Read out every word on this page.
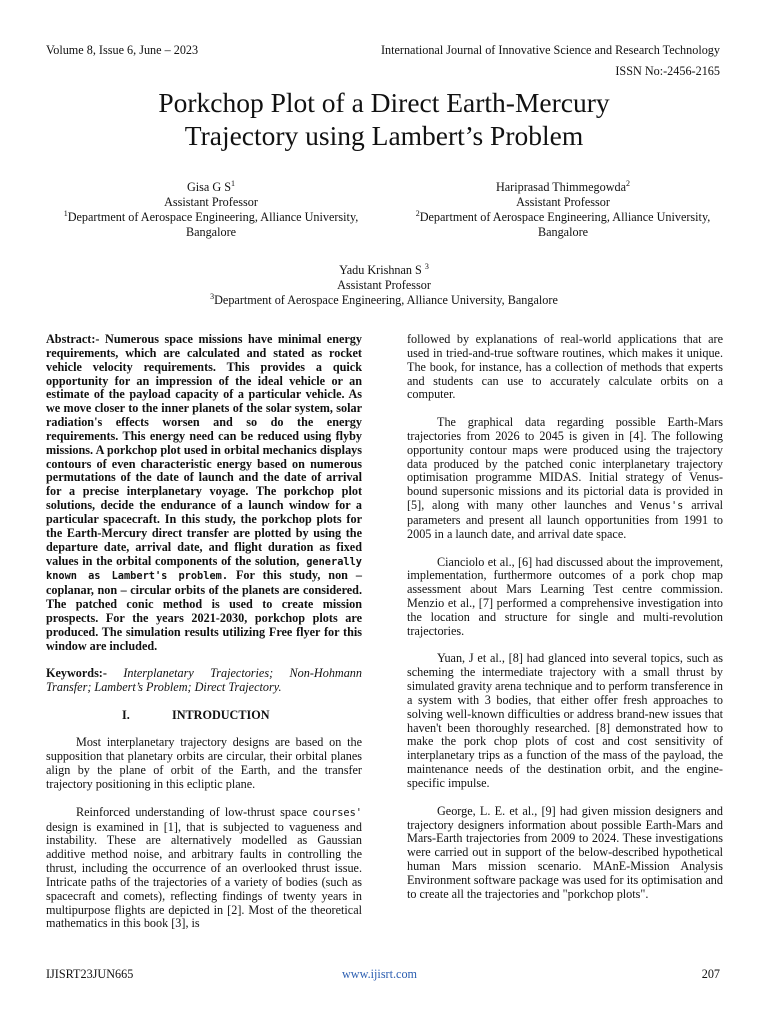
Volume 8, Issue 6, June – 2023	International Journal of Innovative Science and Research Technology
ISSN No:-2456-2165
Porkchop Plot of a Direct Earth-Mercury
Trajectory using Lambert’s Problem
Gisa G $S^1$
Assistant Professor
$^1$Department of Aerospace Engineering, Alliance University, Bangalore
Hariprasad Thimmegowda$^2$
Assistant Professor
$^2$Department of Aerospace Engineering, Alliance University, Bangalore
Yadu Krishnan S $^3$
Assistant Professor
$^3$Department of Aerospace Engineering, Alliance University, Bangalore

Abstract:- Numerous space missions have minimal energy requirements, which are calculated and stated as rocket vehicle velocity requirements. This provides a quick opportunity for an impression of the ideal vehicle or an estimate of the payload capacity of a particular vehicle. As we move closer to the inner planets of the solar system, solar radiation's effects worsen and so do the energy requirements. This energy need can be reduced using flyby missions. A porkchop plot used in orbital mechanics displays contours of even characteristic energy based on numerous permutations of the date of launch and the date of arrival for a precise interplanetary voyage. The porkchop plot solutions, decide the endurance of a launch window for a particular spacecraft. In this study, the porkchop plots for the Earth-Mercury direct transfer are plotted by using the departure date, arrival date, and flight duration as fixed values in the orbital components of the solution, generally known as Lambert's problem. For this study, non – coplanar, non – circular orbits of the planets are considered. The patched conic method is used to create mission prospects. For the years 2021-2030, porkchop plots are produced. The simulation results utilizing Free flyer for this window are included.

Keywords:- Interplanetary Trajectories; Non-Hohmann Transfer; Lambert’s Problem; Direct Trajectory.

I.	INTRODUCTION

Most interplanetary trajectory designs are based on the supposition that planetary orbits are circular, their orbital planes align by the plane of orbit of the Earth, and the transfer trajectory positioning in this ecliptic plane.

Reinforced understanding of low-thrust space courses' design is examined in [1], that is subjected to vagueness and instability. These are alternatively modelled as Gaussian additive method noise, and arbitrary faults in controlling the thrust, including the occurrence of an overlooked thrust issue. Intricate paths of the trajectories of a variety of bodies (such as spacecraft and comets), reflecting findings of twenty years in multipurpose flights are depicted in [2]. Most of the theoretical mathematics in this book [3], is

followed by explanations of real-world applications that are used in tried-and-true software routines, which makes it unique. The book, for instance, has a collection of methods that experts and students can use to accurately calculate orbits on a computer.

The graphical data regarding possible Earth-Mars trajectories from 2026 to 2045 is given in [4]. The following opportunity contour maps were produced using the trajectory data produced by the patched conic interplanetary trajectory optimisation programme MIDAS. Initial strategy of Venus-bound supersonic missions and its pictorial data is provided in [5], along with many other launches and Venus's arrival parameters and present all launch opportunities from 1991 to 2005 in a launch date, and arrival date space.

Cianciolo et al., [6] had discussed about the improvement, implementation, furthermore outcomes of a pork chop map assessment about Mars Learning Test centre commission. Menzio et al., [7] performed a comprehensive investigation into the location and structure for single and multi-revolution trajectories.

Yuan, J et al., [8] had glanced into several topics, such as scheming the intermediate trajectory with a small thrust by simulated gravity arena technique and to perform transference in a system with 3 bodies, that either offer fresh approaches to solving well-known difficulties or address brand-new issues that haven't been thoroughly researched. [8] demonstrated how to make the pork chop plots of cost and cost sensitivity of interplanetary trips as a function of the mass of the payload, the maintenance needs of the destination orbit, and the engine-specific impulse.

George, L. E. et al., [9] had given mission designers and trajectory designers information about possible Earth-Mars and Mars-Earth trajectories from 2009 to 2024. These investigations were carried out in support of the below-described hypothetical human Mars mission scenario. MAnE-Mission Analysis Environment software package was used for its optimisation and to create all the trajectories and "porkchop plots".

IJISRT23JUN665	www.ijisrt.com	207
